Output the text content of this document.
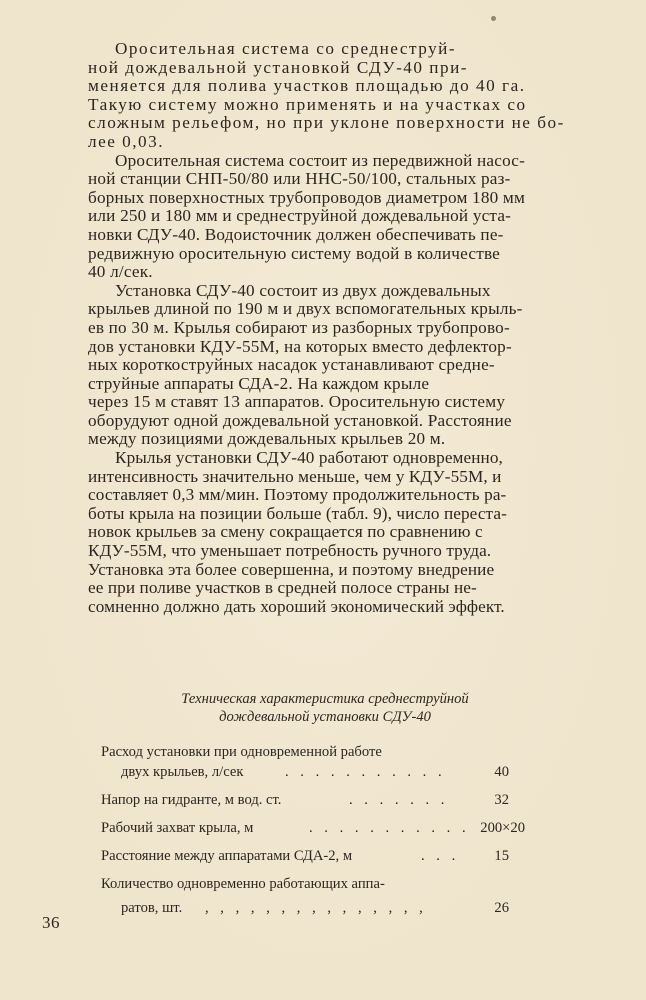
Оросительная система со среднеструй-
ной дождевальной установкой СДУ-40 при-
меняется для полива участков площадью до 40 га.
Такую систему можно применять и на участках со
сложным рельефом, но при уклоне поверхности не бо-
лее 0,03.

Оросительная система состоит из передвижной насос-
ной станции СНП-50/80 или ННС-50/100, стальных раз-
борных поверхностных трубопроводов диаметром 180 мм
или 250 и 180 мм и среднеструйной дождевальной уста-
новки СДУ-40. Водоисточник должен обеспечивать пе-
редвижную оросительную систему водой в количестве
40 л/сек.

Установка СДУ-40 состоит из двух дождевальных
крыльев длиной по 190 м и двух вспомогательных крыль-
ев по 30 м. Крылья собирают из разборных трубопрово-
дов установки КДУ-55М, на которых вместо дефлектор-
ных короткоструйных насадок устанавливают средне-
струйные аппараты СДА-2. На каждом крыле
через 15 м ставят 13 аппаратов. Оросительную систему
оборудуют одной дождевальной установкой. Расстояние
между позициями дождевальных крыльев 20 м.

Крылья установки СДУ-40 работают одновременно,
интенсивность значительно меньше, чем у КДУ-55М, и
составляет 0,3 мм/мин. Поэтому продолжительность ра-
боты крыла на позиции больше (табл. 9), число переста-
новок крыльев за смену сокращается по сравнению с
КДУ-55М, что уменьшает потребность ручного труда.
Установка эта более совершенна, и поэтому внедрение
ее при поливе участков в средней полосе страны не-
сомненно должно дать хороший экономический эффект.

Техническая характеристика среднеструйной
дождевальной установки СДУ-40
Расход установки при одновременной работе
двух крыльев, л/сек	. . . . . . . . . . .	40
Напор на гидранте, м вод. ст.	. . . . . . .	32
Рабочий захват крыла, м	. . . . . . . . . . . 200×20
Расстояние между аппаратами СДА-2, м	. . . 15
Количество одновременно работающих аппа-
ратов, шт. , , , , , , , , , , , , , , ,	26
36
